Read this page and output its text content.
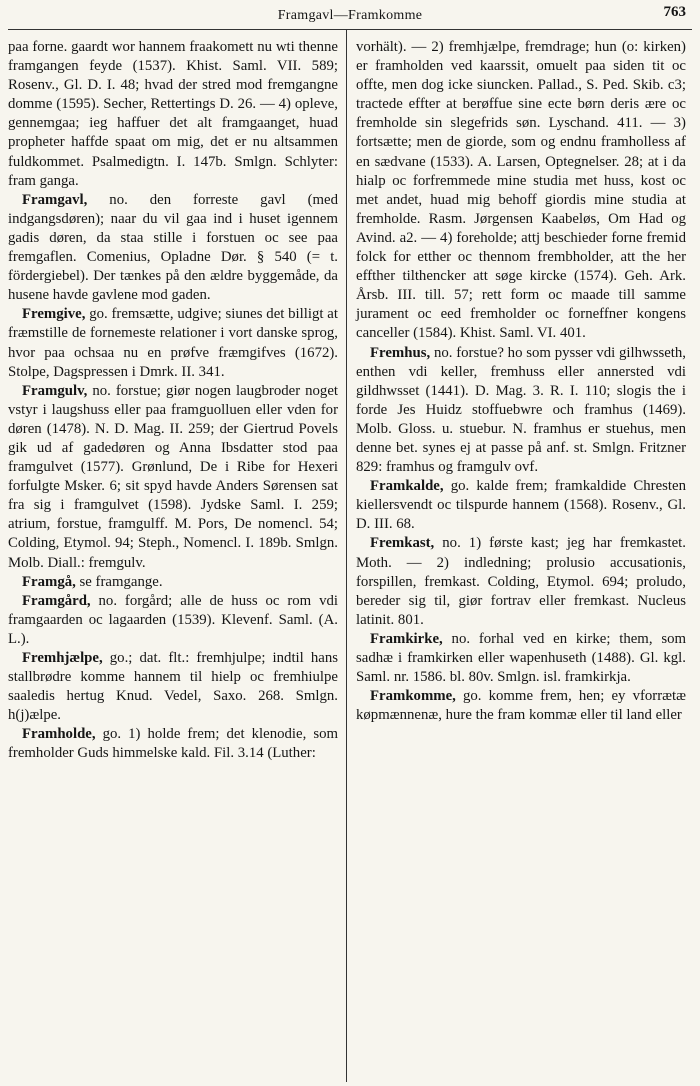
Framgavl—Framkomme	763

paa forne. gaardt wor hannem fraakomett nu wti thenne framgangen feyde (1537). Khist. Saml. VII. 589; Rosenv., Gl. D. I. 48; hvad der stred mod fremgangne domme (1595). Secher, Rettertings D. 26. — 4) opleve, gennemgaa; ieg haffuer det alt framgaanget, huad propheter haffde spaat om mig, det er nu altsammen fuldkommet. Psalmedigtn. I. 147b. Smlgn. Schlyter: fram ganga.

Framgavl, no. den forreste gavl (med indgangsdøren); naar du vil gaa ind i huset igennem gadis døren, da staa stille i forstuen oc see paa fremgaflen. Comenius, Opladne Dør. § 540 (= t. fördergiebel). Der tænkes på den ældre byggemåde, da husene havde gavlene mod gaden.

Fremgive, go. fremsætte, udgive; siunes det billigt at fræmstille de fornemeste relationer i vort danske sprog, hvor paa ochsaa nu en prøfve fræmgifves (1672). Stolpe, Dagspressen i Dmrk. II. 341.

Framgulv, no. forstue; giør nogen laugbroder noget vstyr i laugshuss eller paa framguolluen eller vden for døren (1478). N. D. Mag. II. 259; der Giertrud Povels gik ud af gadedøren og Anna Ibsdatter stod paa framgulvet (1577). Grønlund, De i Ribe for Hexeri forfulgte Msker. 6; sit spyd havde Anders Sørensen sat fra sig i framgulvet (1598). Jydske Saml. I. 259; atrium, forstue, framgulff. M. Pors, De nomencl. 54; Colding, Etymol. 94; Steph., Nomencl. I. 189b. Smlgn. Molb. Diall.: fremgulv.

Framgå, se framgange.

Framgård, no. forgård; alle de huss oc rom vdi framgaarden oc lagaarden (1539). Klevenf. Saml. (A. L.).

Fremhjælpe, go.; dat. flt.: fremhjulpe; indtil hans stallbrødre komme hannem til hielp oc fremhiulpe saaledis hertug Knud. Vedel, Saxo. 268. Smlgn. h(j)ælpe.

Framholde, go. 1) holde frem; det klenodie, som fremholder Guds himmelske kald. Fil. 3.14 (Luther:

vorhält). — 2) fremhjælpe, fremdrage; hun (o: kirken) er framholden ved kaarssit, omuelt paa siden tit oc offte, men dog icke siuncken. Pallad., S. Ped. Skib. c3; tractede effter at berøffue sine ecte børn deris ære oc fremholde sin slegefrids søn. Lyschand. 411. — 3) fortsætte; men de giorde, som og endnu framholless af en sædvane (1533). A. Larsen, Optegnelser. 28; at i da hialp oc forfremmede mine studia met huss, kost oc met andet, huad mig behoff giordis mine studia at fremholde. Rasm. Jørgensen Kaabeløs, Om Had og Avind. a2. — 4) foreholde; attj beschieder forne fremid folck for etther oc thennom frembholder, att the her effther tilthencker att søge kircke (1574). Geh. Ark. Årsb. III. till. 57; rett form oc maade till samme jurament oc eed fremholder oc forneffner kongens canceller (1584). Khist. Saml. VI. 401.

Fremhus, no. forstue? ho som pysser vdi gilhwsseth, enthen vdi keller, fremhuss eller annersted vdi gildhwsset (1441). D. Mag. 3. R. I. 110; slogis the i forde Jes Huidz stoffuebwre och framhus (1469). Molb. Gloss. u. stuebur. N. framhus er stuehus, men denne bet. synes ej at passe på anf. st. Smlgn. Fritzner 829: framhus og framgulv ovf.

Framkalde, go. kalde frem; framkaldide Chresten kiellersvendt oc tilspurde hannem (1568). Rosenv., Gl. D. III. 68.

Fremkast, no. 1) første kast; jeg har fremkastet. Moth. — 2) indledning; prolusio accusationis, forspillen, fremkast. Colding, Etymol. 694; proludo, bereder sig til, giør fortrav eller fremkast. Nucleus latinit. 801.

Framkirke, no. forhal ved en kirke; them, som sadhæ i framkirken eller wapenhuseth (1488). Gl. kgl. Saml. nr. 1586. bl. 80v. Smlgn. isl. framkirkja.

Framkomme, go. komme frem, hen; ey vforrætæ køpmænnenæ, hure the fram kommæ eller til land eller
